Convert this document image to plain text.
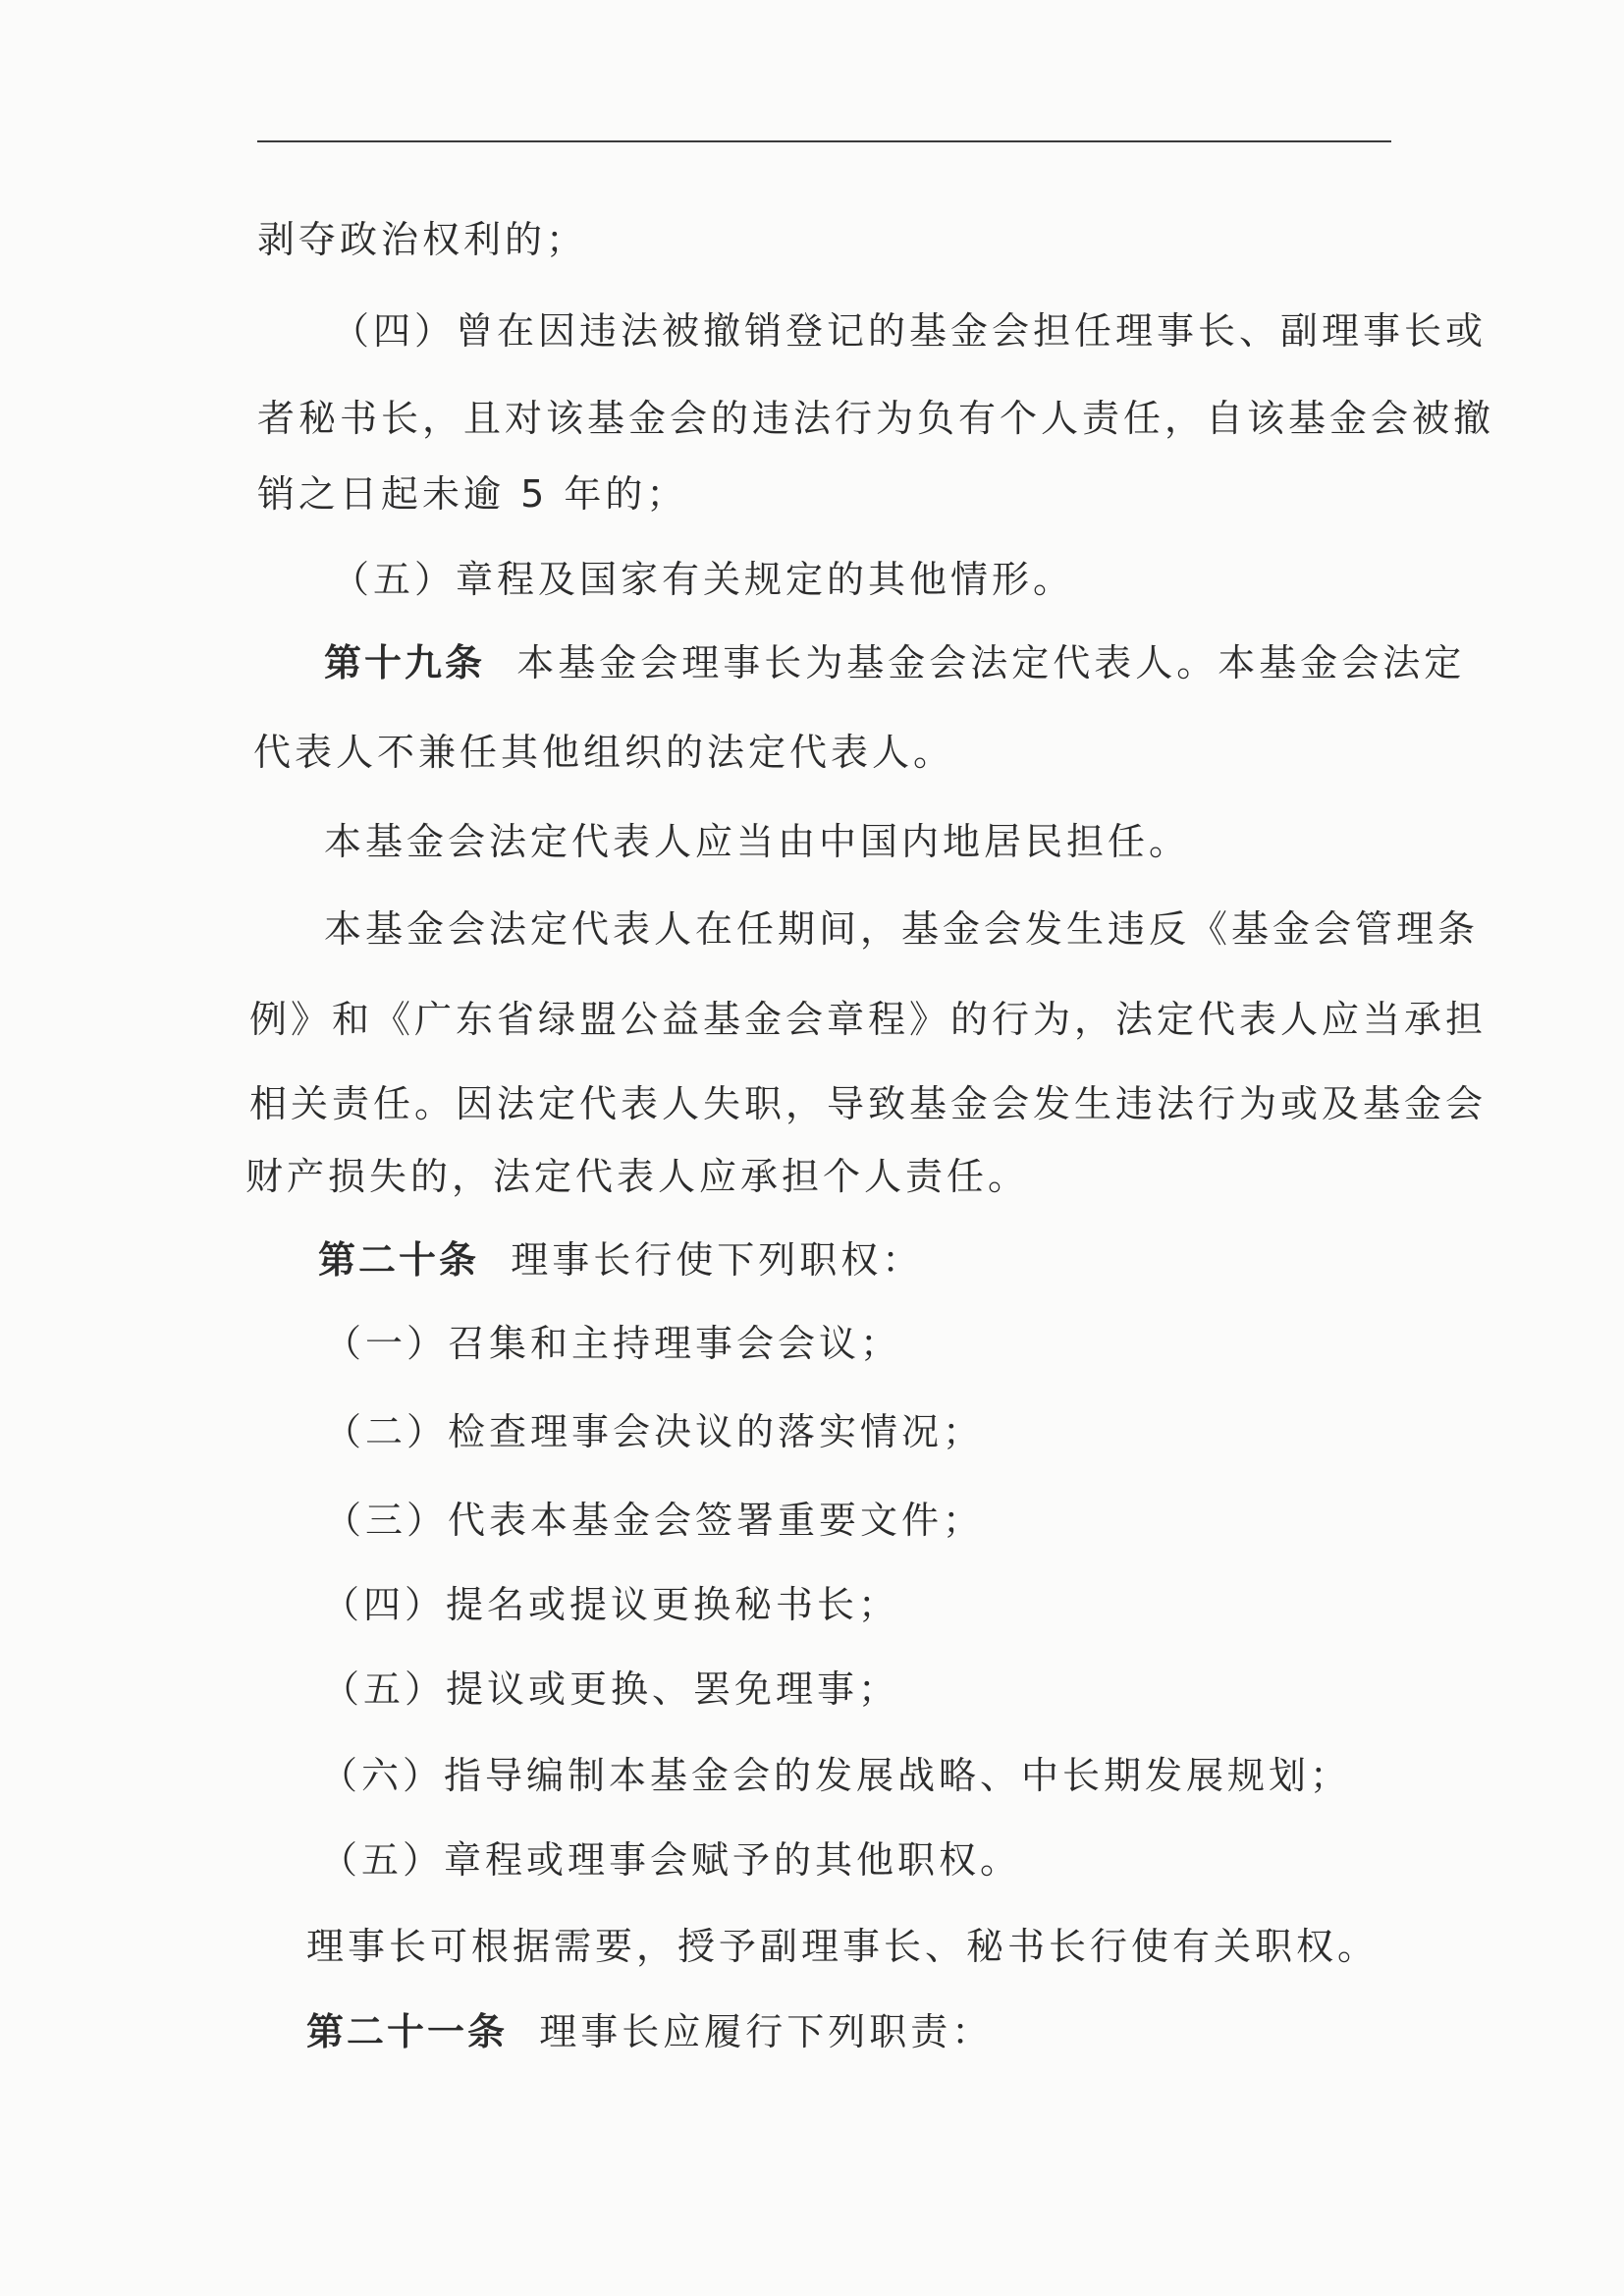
剥夺政治权利的；
（四）曾在因违法被撤销登记的基金会担任理事长、副理事长或
者秘书长，且对该基金会的违法行为负有个人责任，自该基金会被撤
销之日起未逾 5 年的；
（五）章程及国家有关规定的其他情形。
第十九条 本基金会理事长为基金会法定代表人。本基金会法定
代表人不兼任其他组织的法定代表人。
本基金会法定代表人应当由中国内地居民担任。
本基金会法定代表人在任期间，基金会发生违反《基金会管理条
例》和《广东省绿盟公益基金会章程》的行为，法定代表人应当承担
相关责任。因法定代表人失职，导致基金会发生违法行为或及基金会
财产损失的，法定代表人应承担个人责任。
第二十条 理事长行使下列职权：
（一）召集和主持理事会会议；
（二）检查理事会决议的落实情况；
（三）代表本基金会签署重要文件；
（四）提名或提议更换秘书长；
（五）提议或更换、罢免理事；
（六）指导编制本基金会的发展战略、中长期发展规划；
（五）章程或理事会赋予的其他职权。
理事长可根据需要，授予副理事长、秘书长行使有关职权。
第二十一条 理事长应履行下列职责：
